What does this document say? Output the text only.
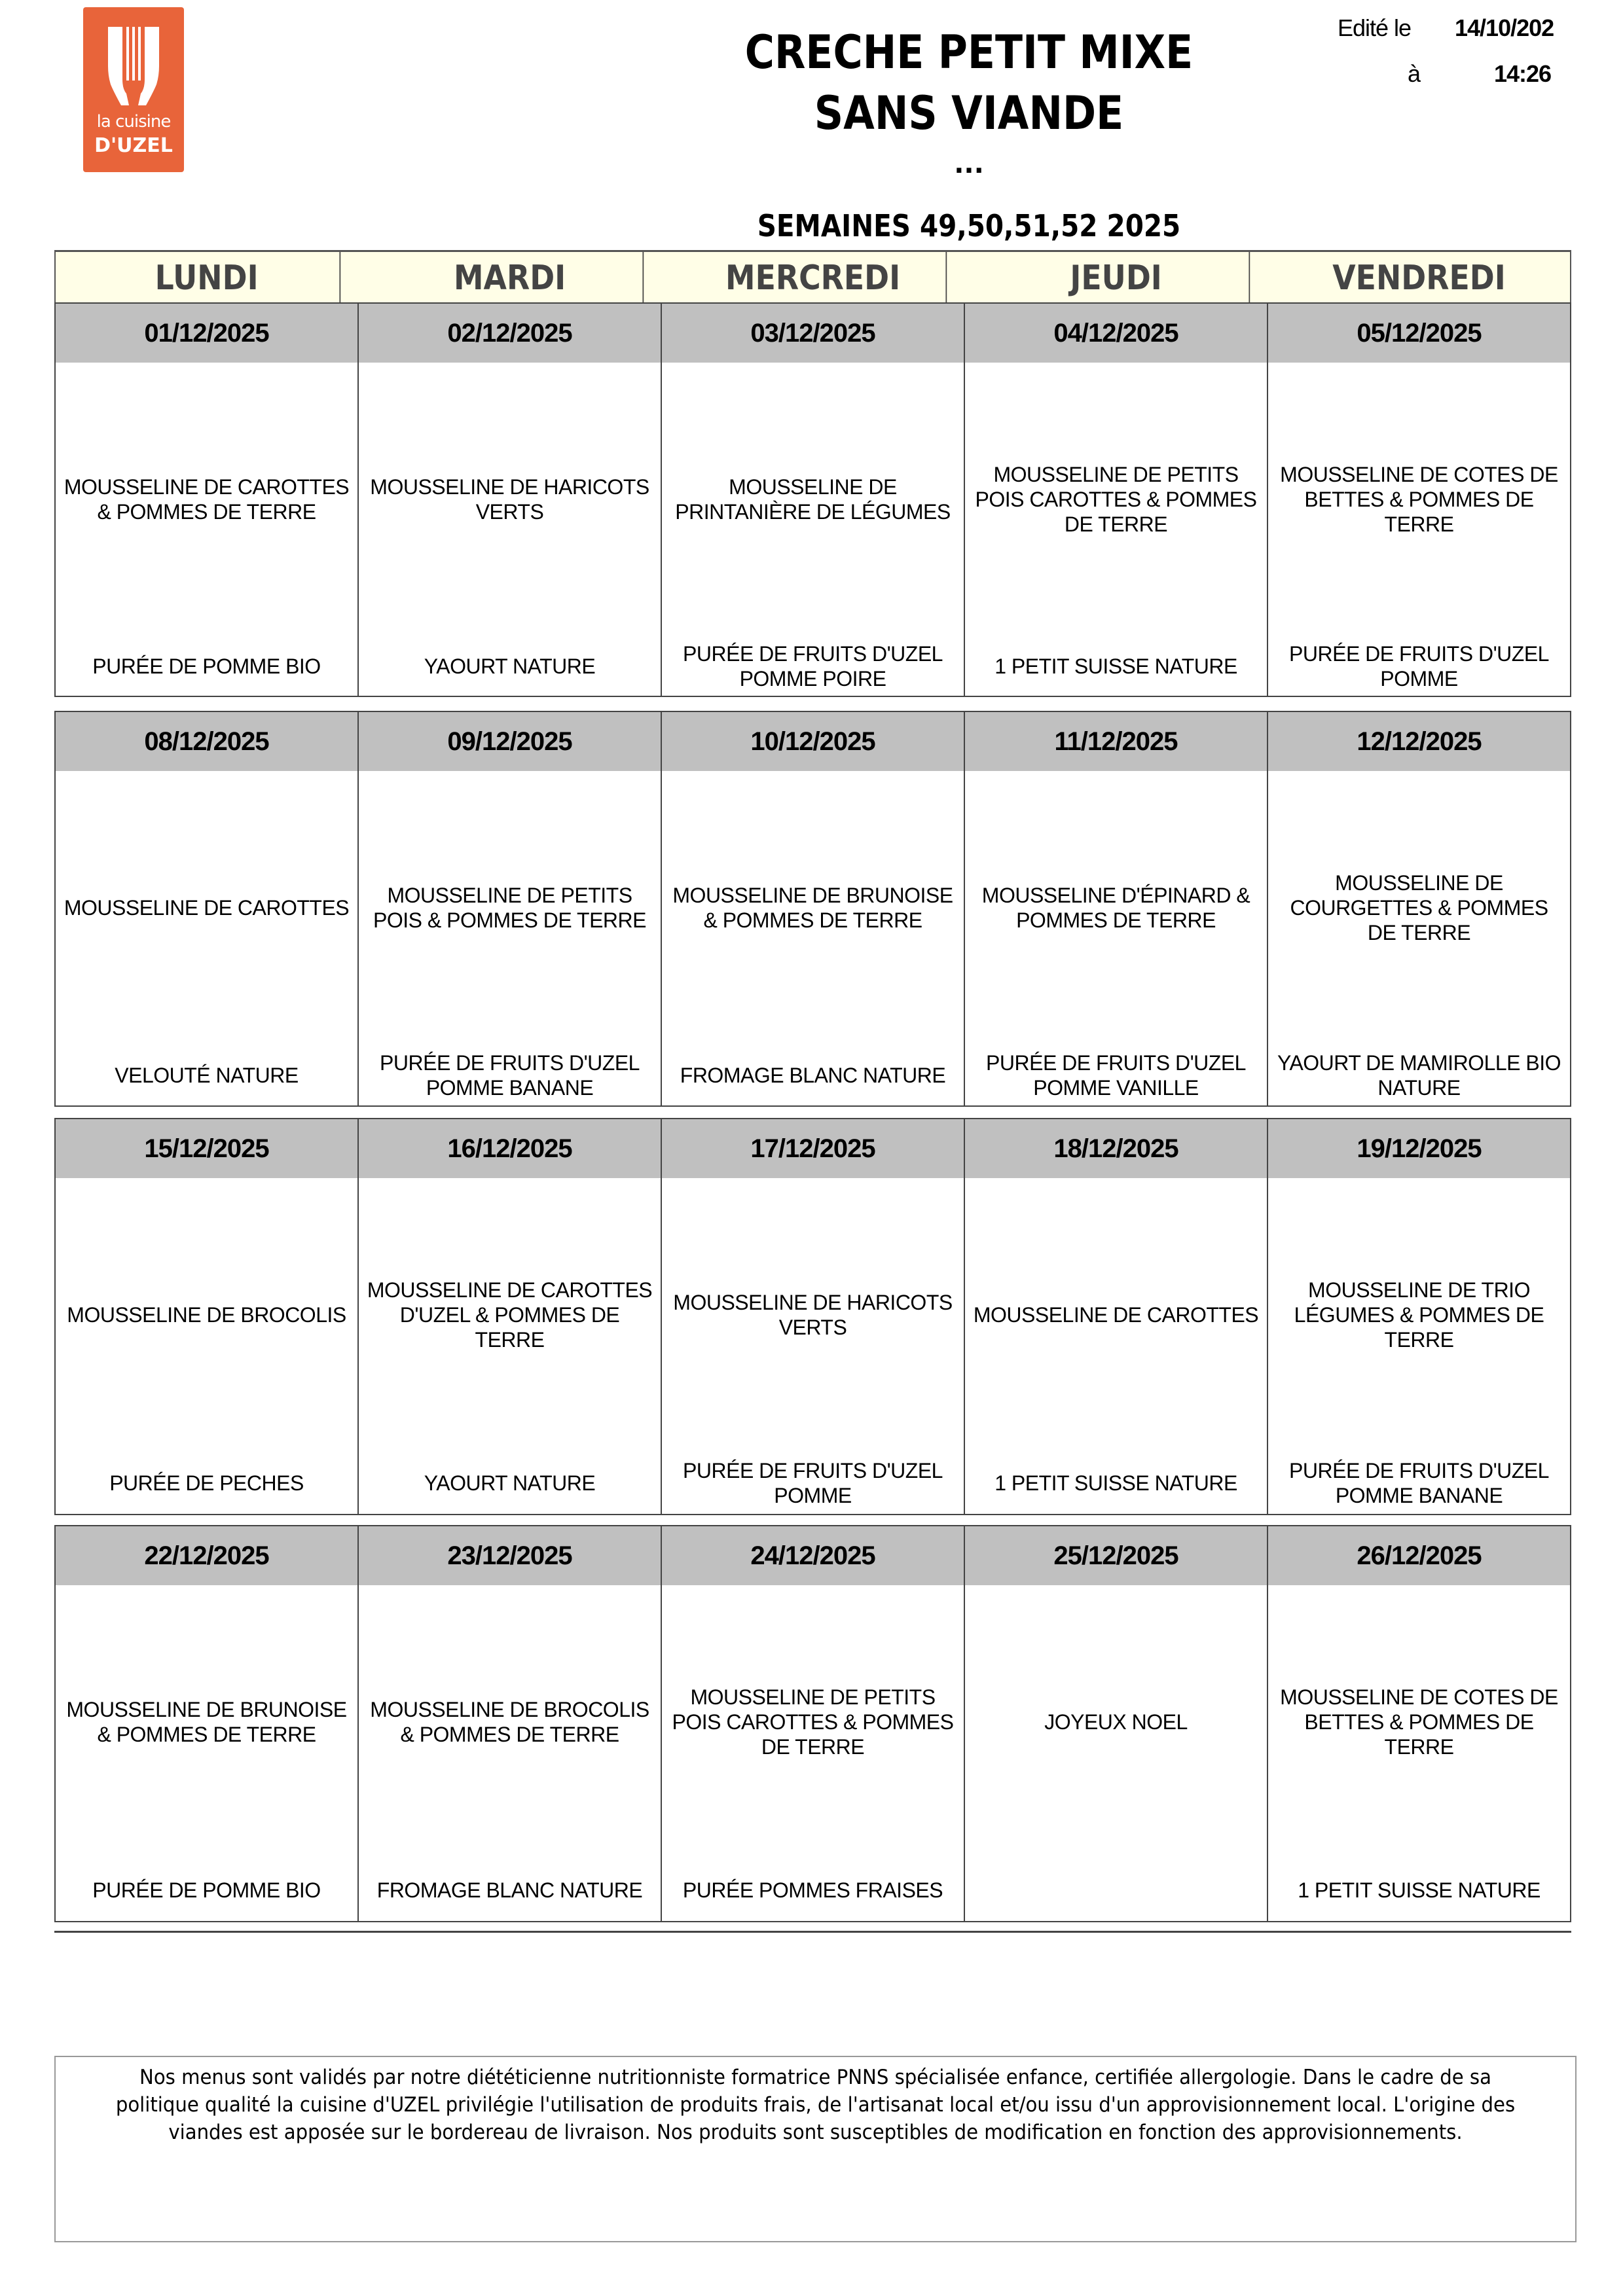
la cuisine
D'UZEL
CRECHE PETIT MIXE SANS VIANDE
...
SEMAINES 49,50,51,52 2025
Edité le 14/10/202
à	14:26
LUNDI	MARDI	MERCREDI	JEUDI	VENDREDI
01/12/2025
MOUSSELINE DE CAROTTES & POMMES DE TERRE
PURÉE DE POMME BIO
02/12/2025
MOUSSELINE DE HARICOTS VERTS
YAOURT NATURE
03/12/2025
MOUSSELINE DE PRINTANIÈRE DE LÉGUMES
PURÉE DE FRUITS D'UZEL POMME POIRE
04/12/2025
MOUSSELINE DE PETITS POIS CAROTTES & POMMES DE TERRE
1 PETIT SUISSE NATURE
05/12/2025
MOUSSELINE DE COTES DE BETTES & POMMES DE TERRE
PURÉE DE FRUITS D'UZEL POMME
08/12/2025
MOUSSELINE DE CAROTTES
VELOUTÉ NATURE
09/12/2025
MOUSSELINE DE PETITS POIS & POMMES DE TERRE
PURÉE DE FRUITS D'UZEL POMME BANANE
10/12/2025
MOUSSELINE DE BRUNOISE & POMMES DE TERRE
FROMAGE BLANC NATURE
11/12/2025
MOUSSELINE D'ÉPINARD & POMMES DE TERRE
PURÉE DE FRUITS D'UZEL POMME VANILLE
12/12/2025
MOUSSELINE DE COURGETTES & POMMES DE TERRE
YAOURT DE MAMIROLLE BIO NATURE
15/12/2025
MOUSSELINE DE BROCOLIS
PURÉE DE PECHES
16/12/2025
MOUSSELINE DE CAROTTES D'UZEL & POMMES DE TERRE
YAOURT NATURE
17/12/2025
MOUSSELINE DE HARICOTS VERTS
PURÉE DE FRUITS D'UZEL POMME
18/12/2025
MOUSSELINE DE CAROTTES
1 PETIT SUISSE NATURE
19/12/2025
MOUSSELINE DE TRIO LÉGUMES & POMMES DE TERRE
PURÉE DE FRUITS D'UZEL POMME BANANE
22/12/2025
MOUSSELINE DE BRUNOISE & POMMES DE TERRE
PURÉE DE POMME BIO
23/12/2025
MOUSSELINE DE BROCOLIS & POMMES DE TERRE
FROMAGE BLANC NATURE
24/12/2025
MOUSSELINE DE PETITS POIS CAROTTES & POMMES DE TERRE
PURÉE POMMES FRAISES
25/12/2025
JOYEUX NOEL
26/12/2025
MOUSSELINE DE COTES DE BETTES & POMMES DE TERRE
1 PETIT SUISSE NATURE
Nos menus sont validés par notre diététicienne nutritionniste formatrice PNNS spécialisée enfance, certifiée allergologie. Dans le cadre de sa politique qualité la cuisine d'UZEL privilégie l'utilisation de produits frais, de l'artisanat local et/ou issu d'un approvisionnement local. L'origine des viandes est apposée sur le bordereau de livraison. Nos produits sont susceptibles de modification en fonction des approvisionnements.
